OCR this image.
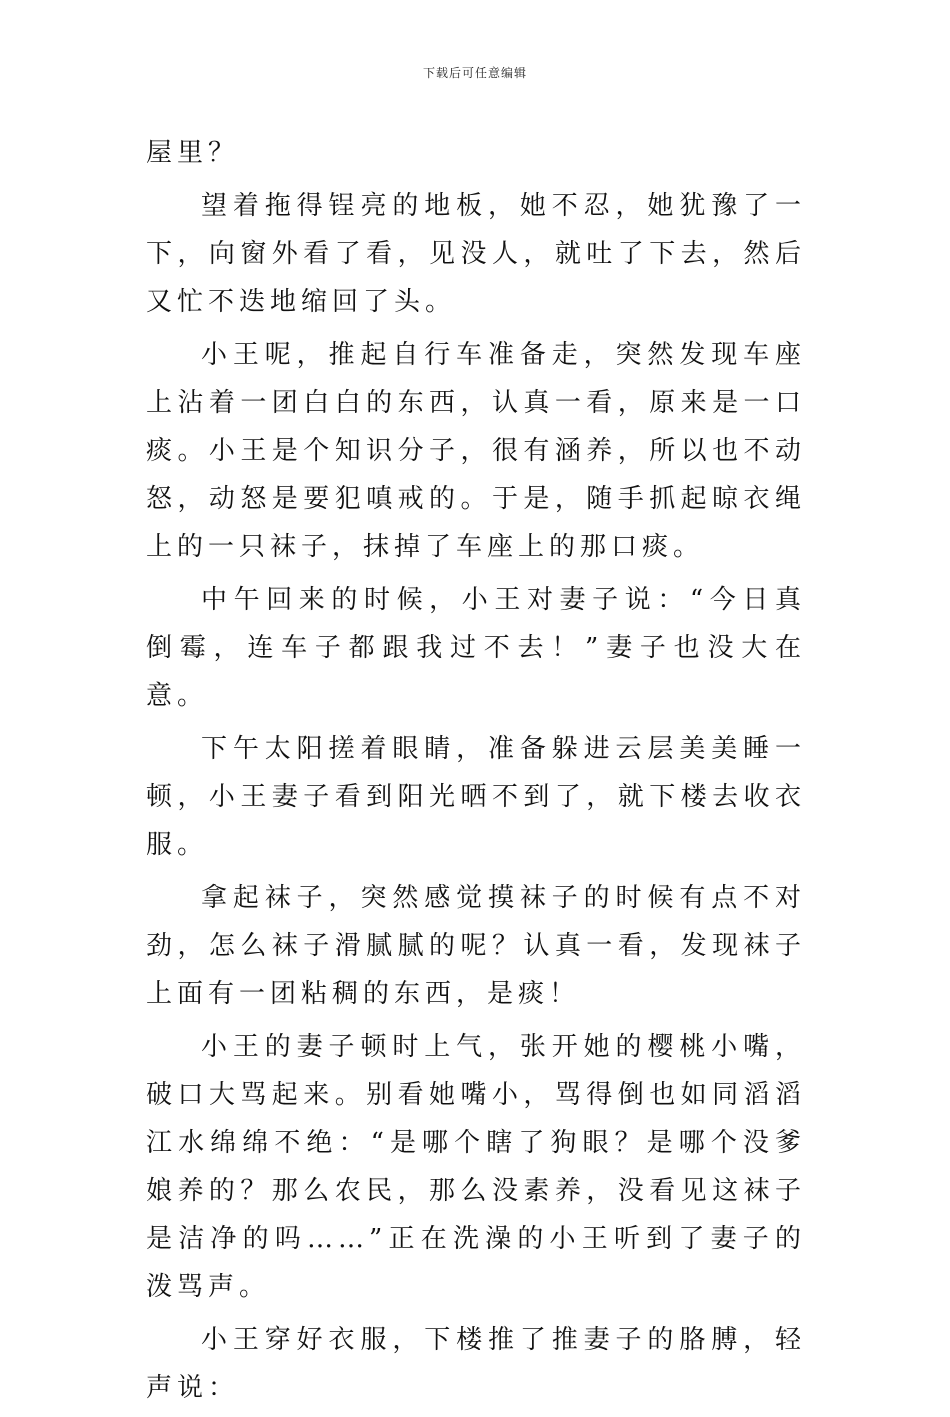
下载后可任意编辑

屋里？

望着拖得锃亮的地板，她不忍，她犹豫了一下，向窗外看了看，见没人，就吐了下去，然后又忙不迭地缩回了头。

小王呢，推起自行车准备走，突然发现车座上沾着一团白白的东西，认真一看，原来是一口痰。小王是个知识分子，很有涵养，所以也不动怒，动怒是要犯嗔戒的。于是，随手抓起晾衣绳上的一只袜子，抹掉了车座上的那口痰。

中午回来的时候，小王对妻子说：“今日真倒霉，连车子都跟我过不去！”妻子也没大在意。

下午太阳搓着眼睛，准备躲进云层美美睡一顿，小王妻子看到阳光晒不到了，就下楼去收衣服。

拿起袜子，突然感觉摸袜子的时候有点不对劲，怎么袜子滑腻腻的呢？认真一看，发现袜子上面有一团粘稠的东西，是痰！

小王的妻子顿时上气，张开她的樱桃小嘴，破口大骂起来。别看她嘴小，骂得倒也如同滔滔江水绵绵不绝：“是哪个瞎了狗眼？是哪个没爹娘养的？那么农民，那么没素养，没看见这袜子是洁净的吗……”正在洗澡的小王听到了妻子的泼骂声。

小王穿好衣服，下楼推了推妻子的胳膊，轻声说：
